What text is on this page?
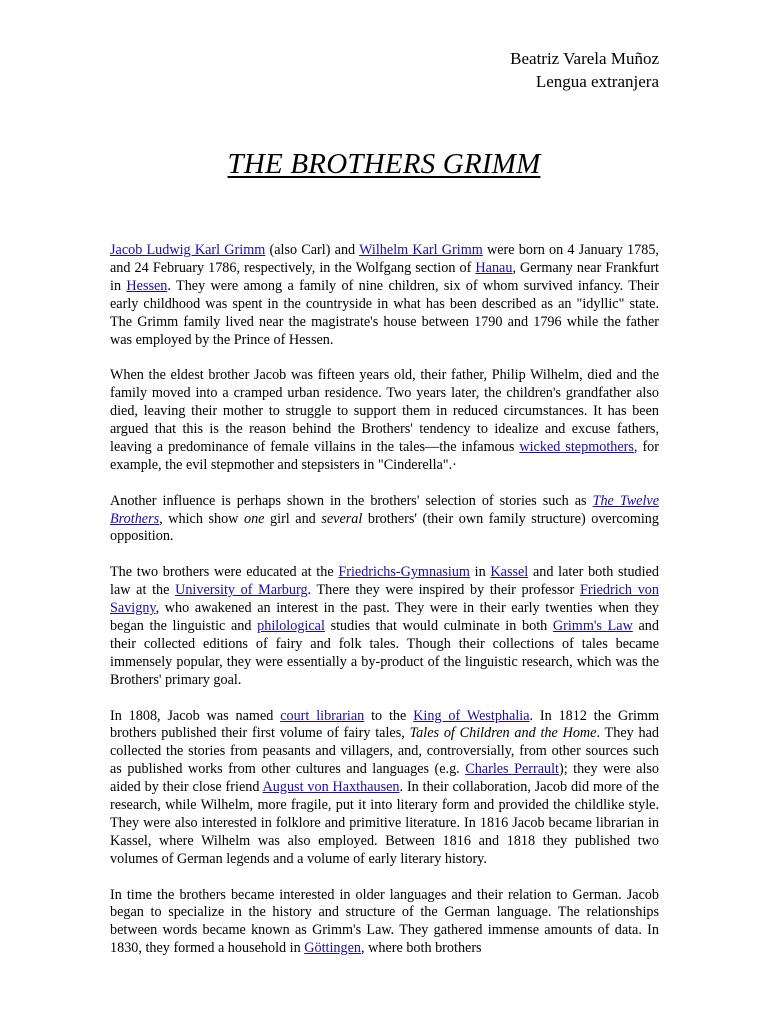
Beatriz Varela Muñoz
Lengua extranjera
THE BROTHERS GRIMM

Jacob Ludwig Karl Grimm (also Carl) and Wilhelm Karl Grimm were born on 4 January 1785, and 24 February 1786, respectively, in the Wolfgang section of Hanau, Germany near Frankfurt in Hessen. They were among a family of nine children, six of whom survived infancy. Their early childhood was spent in the countryside in what has been described as an "idyllic" state. The Grimm family lived near the magistrate's house between 1790 and 1796 while the father was employed by the Prince of Hessen.

When the eldest brother Jacob was fifteen years old, their father, Philip Wilhelm, died and the family moved into a cramped urban residence. Two years later, the children's grandfather also died, leaving their mother to struggle to support them in reduced circumstances. It has been argued that this is the reason behind the Brothers' tendency to idealize and excuse fathers, leaving a predominance of female villains in the tales—the infamous wicked stepmothers, for example, the evil stepmother and stepsisters in "Cinderella".·

Another influence is perhaps shown in the brothers' selection of stories such as The Twelve Brothers, which show one girl and several brothers' (their own family structure) overcoming opposition.

The two brothers were educated at the Friedrichs-Gymnasium in Kassel and later both studied law at the University of Marburg. There they were inspired by their professor Friedrich von Savigny, who awakened an interest in the past. They were in their early twenties when they began the linguistic and philological studies that would culminate in both Grimm's Law and their collected editions of fairy and folk tales. Though their collections of tales became immensely popular, they were essentially a by-product of the linguistic research, which was the Brothers' primary goal.

In 1808, Jacob was named court librarian to the King of Westphalia. In 1812 the Grimm brothers published their first volume of fairy tales, Tales of Children and the Home. They had collected the stories from peasants and villagers, and, controversially, from other sources such as published works from other cultures and languages (e.g. Charles Perrault); they were also aided by their close friend August von Haxthausen. In their collaboration, Jacob did more of the research, while Wilhelm, more fragile, put it into literary form and provided the childlike style. They were also interested in folklore and primitive literature. In 1816 Jacob became librarian in Kassel, where Wilhelm was also employed. Between 1816 and 1818 they published two volumes of German legends and a volume of early literary history.

In time the brothers became interested in older languages and their relation to German. Jacob began to specialize in the history and structure of the German language. The relationships between words became known as Grimm's Law. They gathered immense amounts of data. In 1830, they formed a household in Göttingen, where both brothers
